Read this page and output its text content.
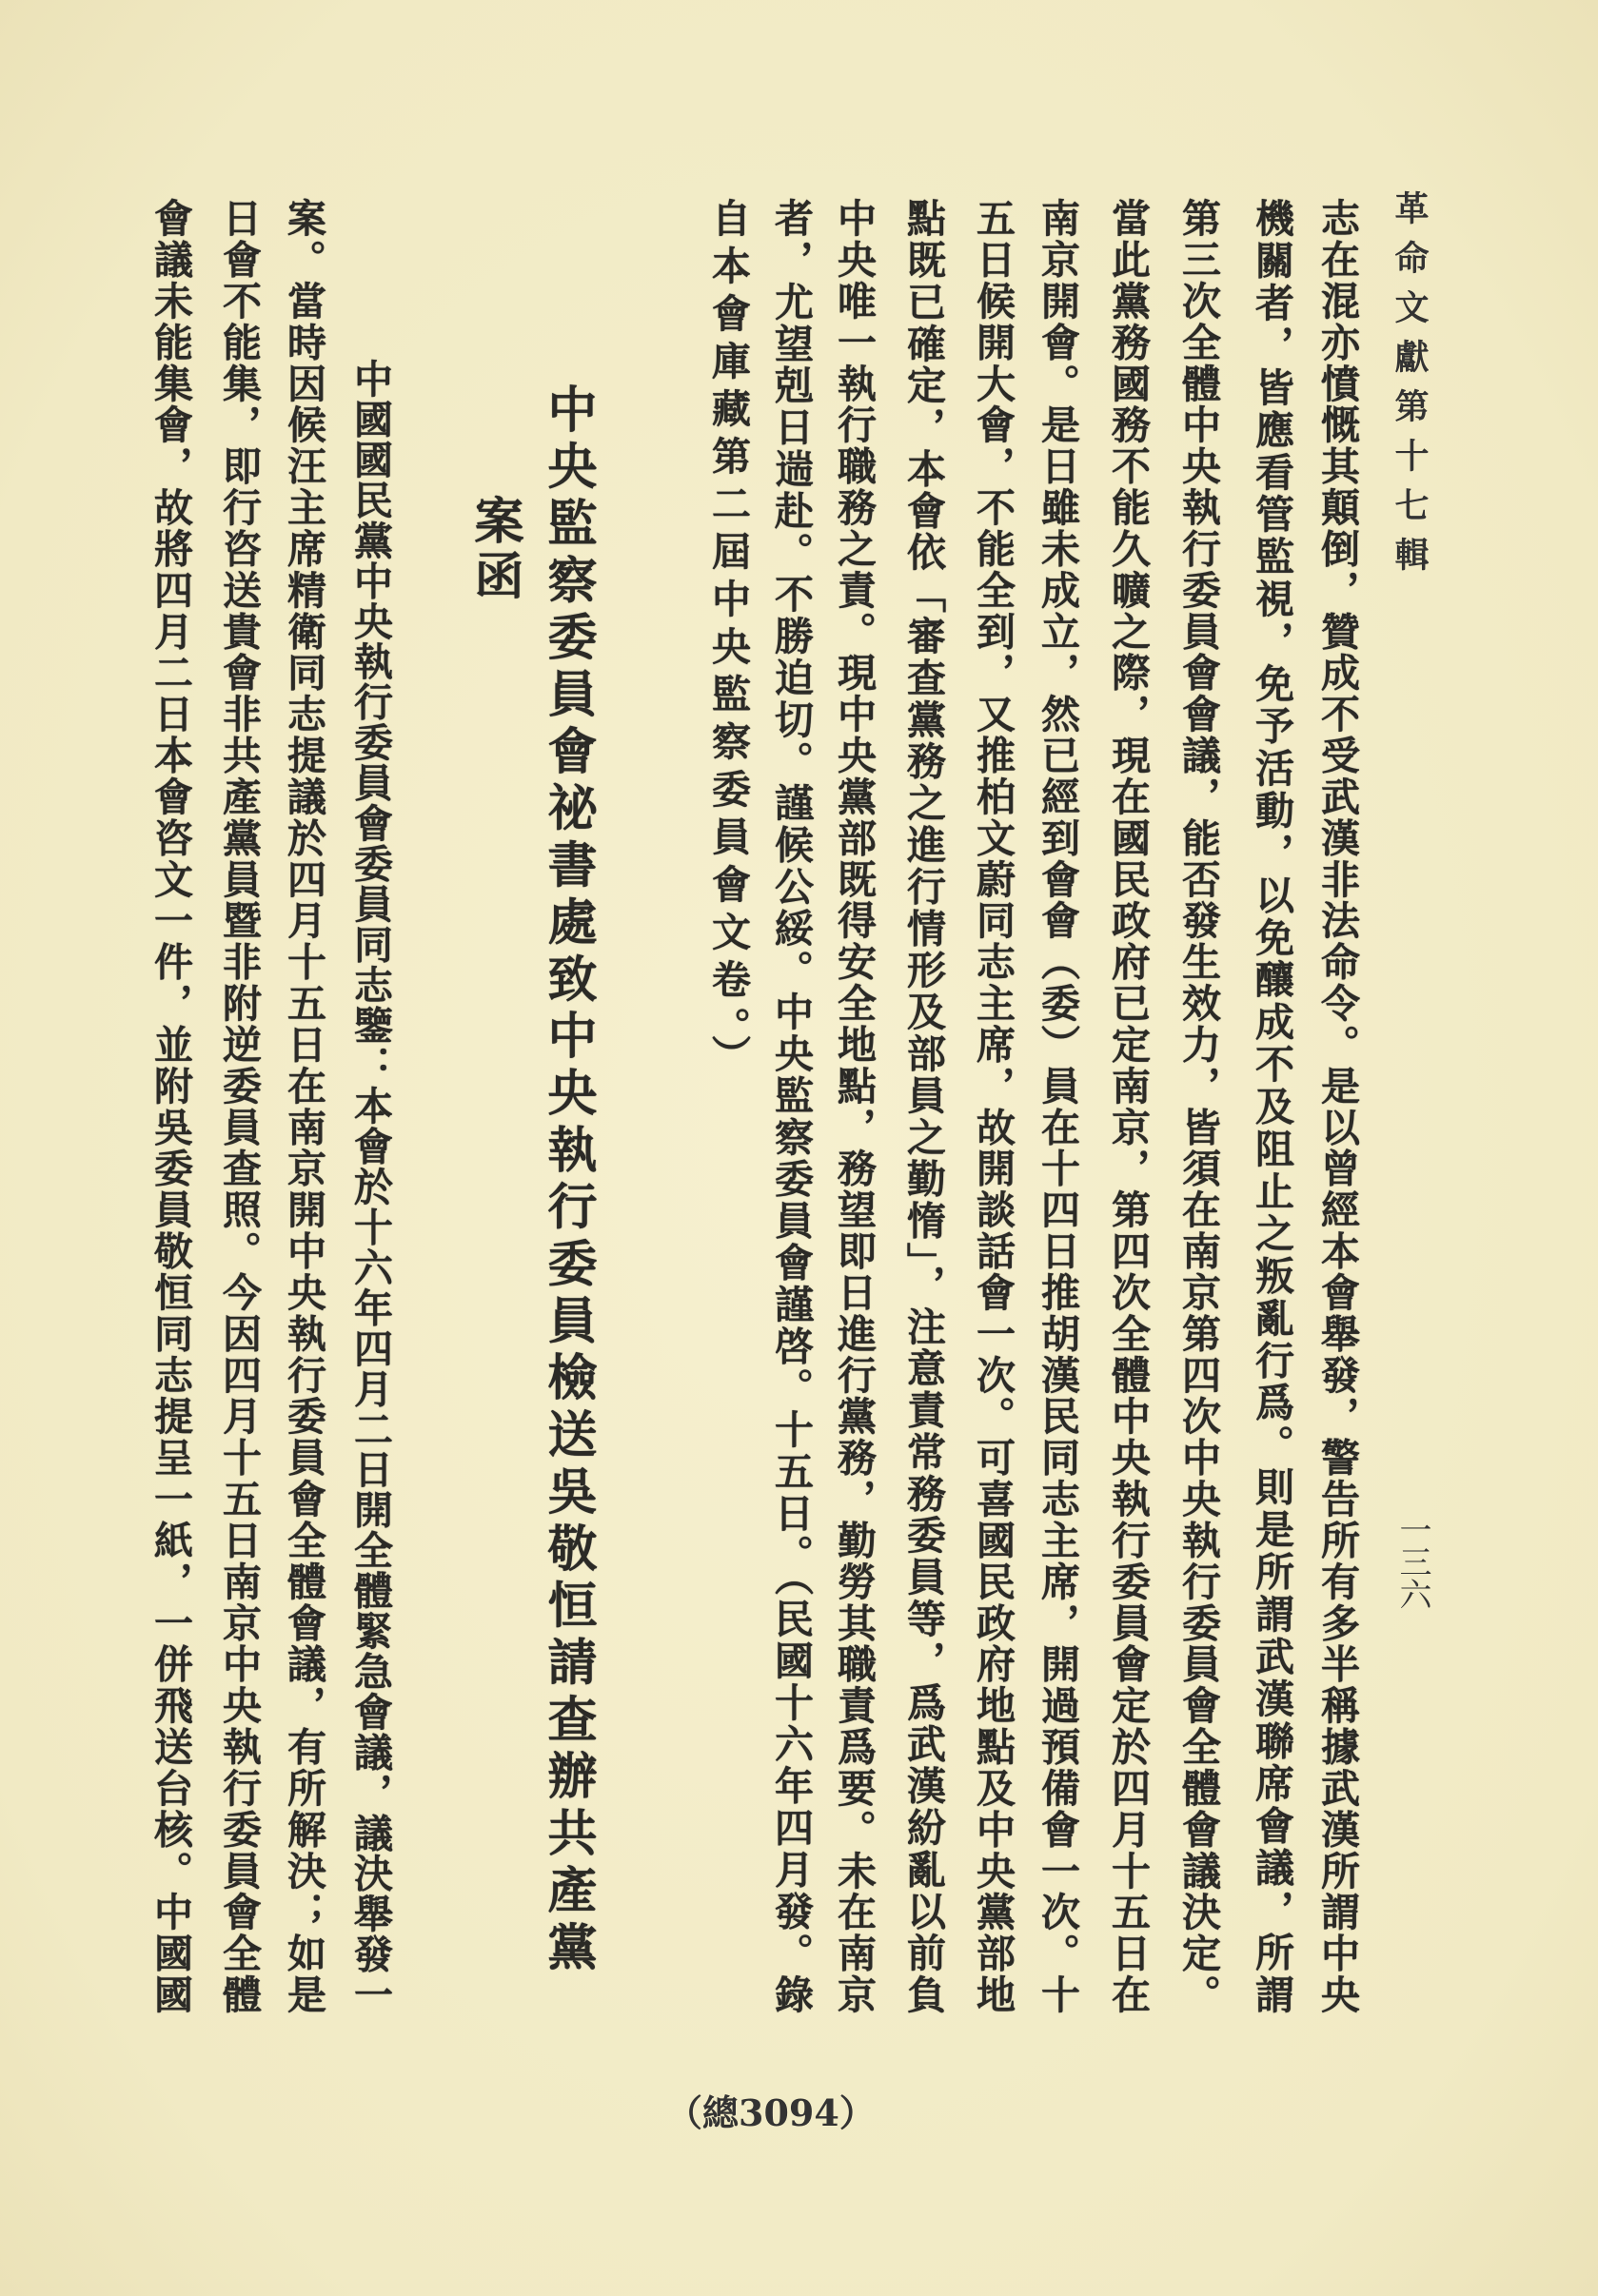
革命文獻第十七輯
一三六
志在混亦憤慨其顛倒，贊成不受武漢非法命令。是以曾經本會舉發，警告所有多半稱據武漢所謂中央
機關者，皆應看管監視，免予活動，以免釀成不及阻止之叛亂行爲。則是所謂武漢聯席會議，所謂
第三次全體中央執行委員會會議，能否發生效力，皆須在南京第四次中央執行委員會全體會議決定。
當此黨務國務不能久曠之際，現在國民政府已定南京，第四次全體中央執行委員會定於四月十五日在
南京開會。是日雖未成立，然已經到會會（委）員在十四日推胡漢民同志主席，開過預備會一次。十
五日候開大會，不能全到，又推柏文蔚同志主席，故開談話會一次。可喜國民政府地點及中央黨部地
點既已確定，本會依「審查黨務之進行情形及部員之勤惰」，注意責常務委員等，爲武漢紛亂以前負
中央唯一執行職務之責。現中央黨部既得安全地點，務望即日進行黨務，勤勞其職責爲要。未在南京
者，尤望剋日遄赴。不勝迫切。謹候公綏。中央監察委員會謹啓。十五日。（民國十六年四月發。錄
自本會庫藏第二屆中央監察委員會文卷。）
中央監察委員會祕書處致中央執行委員檢送吳敬恒請查辦共產黨
案函
中國國民黨中央執行委員會委員同志鑒：本會於十六年四月二日開全體緊急會議，議決舉發一
案。當時因候汪主席精衛同志提議於四月十五日在南京開中央執行委員會全體會議，有所解決；如是
日會不能集，即行咨送貴會非共產黨員暨非附逆委員查照。今因四月十五日南京中央執行委員會全體
會議未能集會，故將四月二日本會咨文一件，並附吳委員敬恒同志提呈一紙，一併飛送台核。中國國
（總3094）
